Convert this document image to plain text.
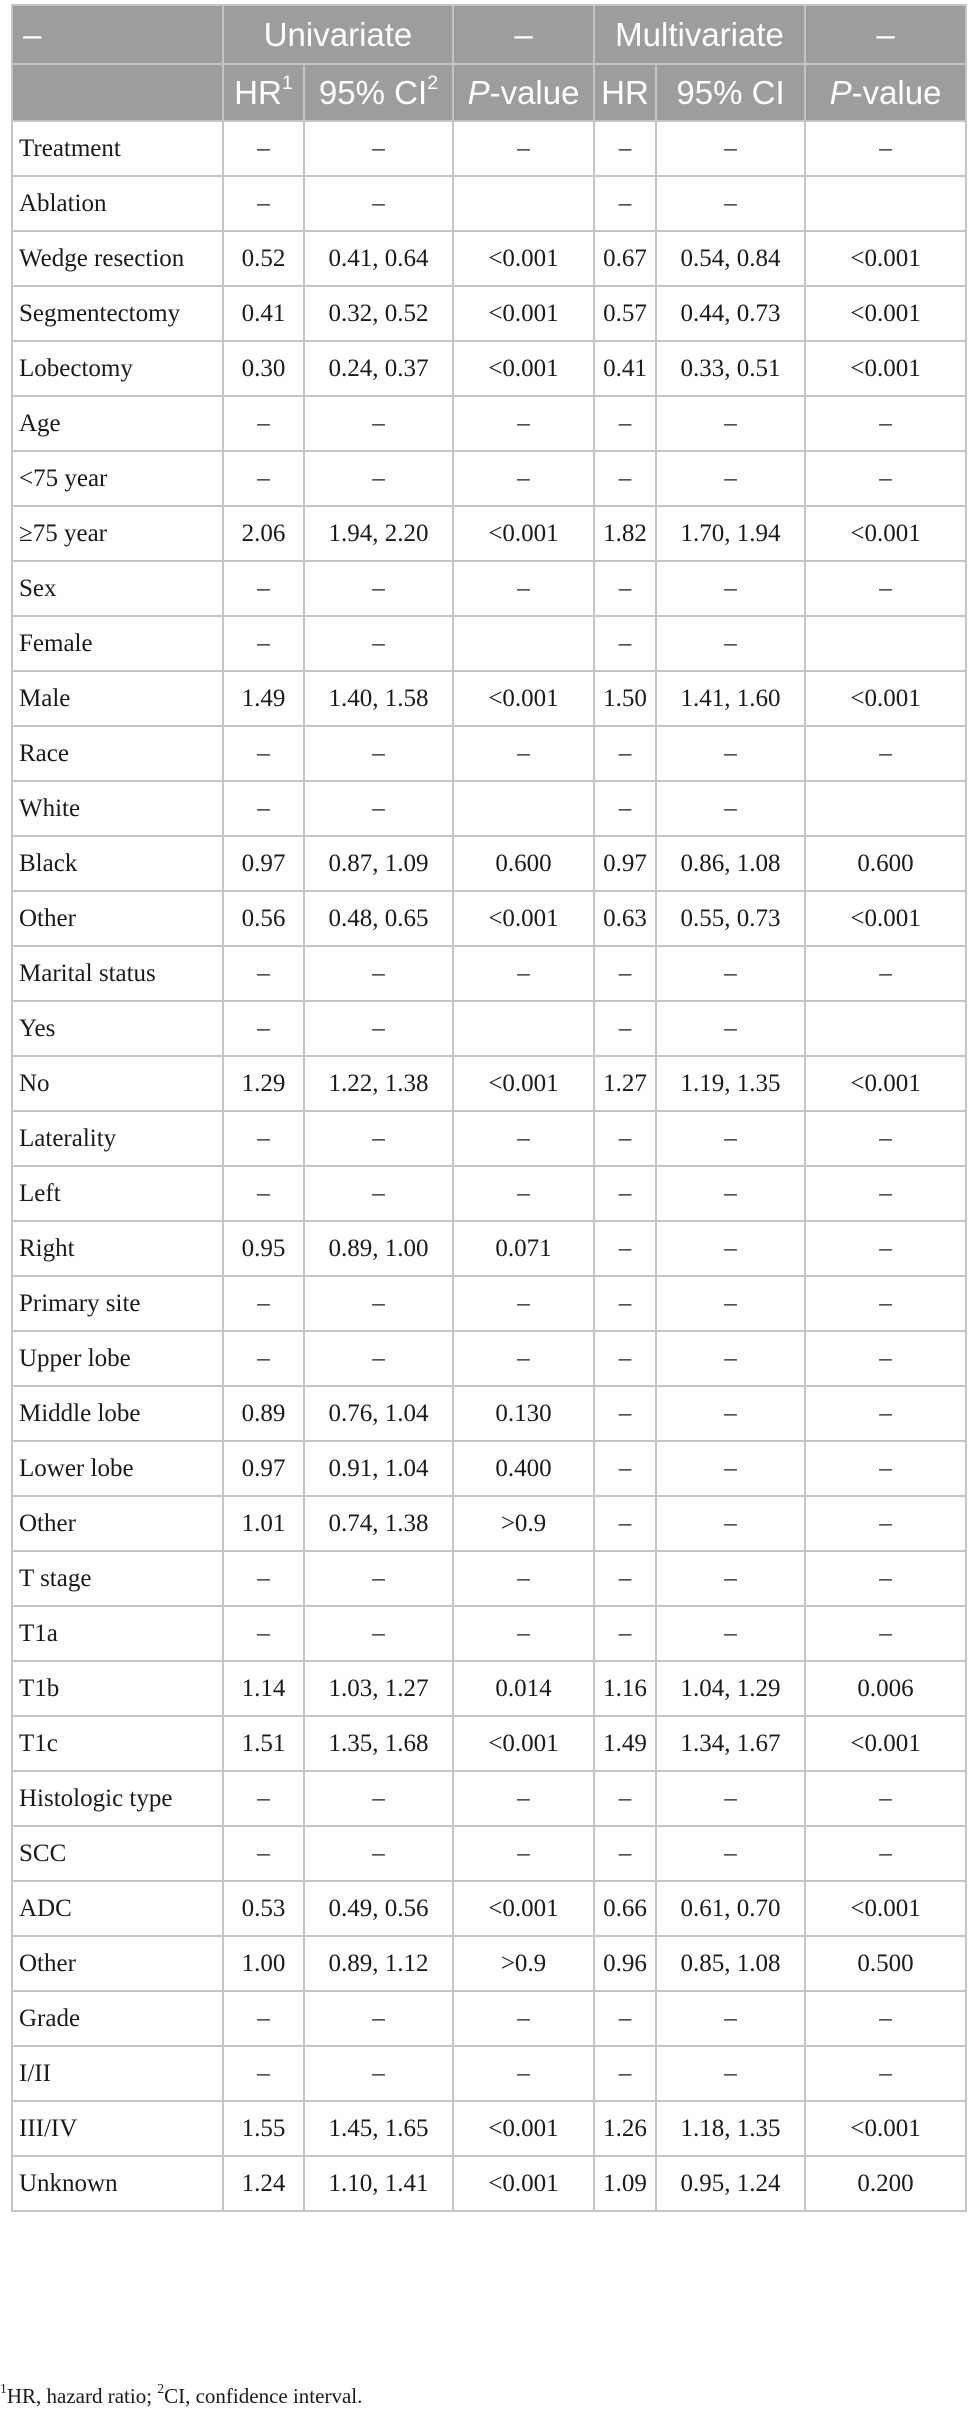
–	Univariate		–	Multivariate		–
	$HR^1$	95% $CI^2$	P-value	HR	95% CI	P-value
Treatment	–	–	–	–	–	–
Ablation	–	–		–	–	
Wedge resection	0.52	0.41, 0.64	<0.001	0.67	0.54, 0.84	<0.001
Segmentectomy	0.41	0.32, 0.52	<0.001	0.57	0.44, 0.73	<0.001
Lobectomy	0.30	0.24, 0.37	<0.001	0.41	0.33, 0.51	<0.001
Age	–	–	–	–	–	–
<75 year	–	–	–	–	–	–
≥75 year	2.06	1.94, 2.20	<0.001	1.82	1.70, 1.94	<0.001
Sex	–	–	–	–	–	–
Female	–	–		–	–	
Male	1.49	1.40, 1.58	<0.001	1.50	1.41, 1.60	<0.001
Race	–	–	–	–	–	–
White	–	–		–	–	
Black	0.97	0.87, 1.09	0.600	0.97	0.86, 1.08	0.600
Other	0.56	0.48, 0.65	<0.001	0.63	0.55, 0.73	<0.001
Marital status	–	–	–	–	–	–
Yes	–	–		–	–	
No	1.29	1.22, 1.38	<0.001	1.27	1.19, 1.35	<0.001
Laterality	–	–	–	–	–	–
Left	–	–	–	–	–	–
Right	0.95	0.89, 1.00	0.071	–	–	–
Primary site	–	–	–	–	–	–
Upper lobe	–	–	–	–	–	–
Middle lobe	0.89	0.76, 1.04	0.130	–	–	–
Lower lobe	0.97	0.91, 1.04	0.400	–	–	–
Other	1.01	0.74, 1.38	>0.9	–	–	–
T stage	–	–	–	–	–	–
T1a	–	–	–	–	–	–
T1b	1.14	1.03, 1.27	0.014	1.16	1.04, 1.29	0.006
T1c	1.51	1.35, 1.68	<0.001	1.49	1.34, 1.67	<0.001
Histologic type	–	–	–	–	–	–
SCC	–	–	–	–	–	–
ADC	0.53	0.49, 0.56	<0.001	0.66	0.61, 0.70	<0.001
Other	1.00	0.89, 1.12	>0.9	0.96	0.85, 1.08	0.500
Grade	–	–	–	–	–	–
I/II	–	–	–	–	–	–
III/IV	1.55	1.45, 1.65	<0.001	1.26	1.18, 1.35	<0.001
Unknown	1.24	1.10, 1.41	<0.001	1.09	0.95, 1.24	0.200
$^1$HR, hazard ratio; $^2$CI, confidence interval.
